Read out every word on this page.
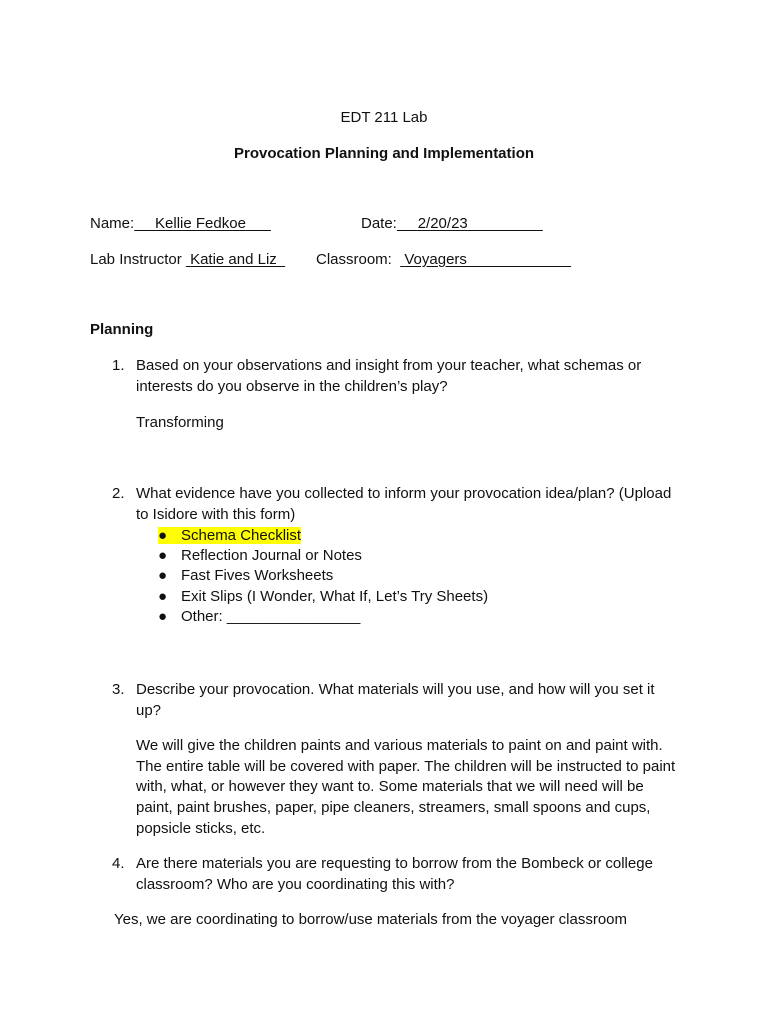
EDT 211 Lab
Provocation Planning and Implementation
Name: Kellie Fedkoe	Date: 2/20/23
Lab Instructor Katie and Liz	Classroom: Voyagers
Planning
1. Based on your observations and insight from your teacher, what schemas or interests do you observe in the children’s play?
Transforming
2. What evidence have you collected to inform your provocation idea/plan? (Upload to Isidore with this form)
● Schema Checklist
● Reflection Journal or Notes
● Fast Fives Worksheets
● Exit Slips (I Wonder, What If, Let’s Try Sheets)
● Other: ________________
3. Describe your provocation. What materials will you use, and how will you set it up?
We will give the children paints and various materials to paint on and paint with. The entire table will be covered with paper. The children will be instructed to paint with, what, or however they want to. Some materials that we will need will be paint, paint brushes, paper, pipe cleaners, streamers, small spoons and cups, popsicle sticks, etc.
4. Are there materials you are requesting to borrow from the Bombeck or college classroom? Who are you coordinating this with?
Yes, we are coordinating to borrow/use materials from the voyager classroom
